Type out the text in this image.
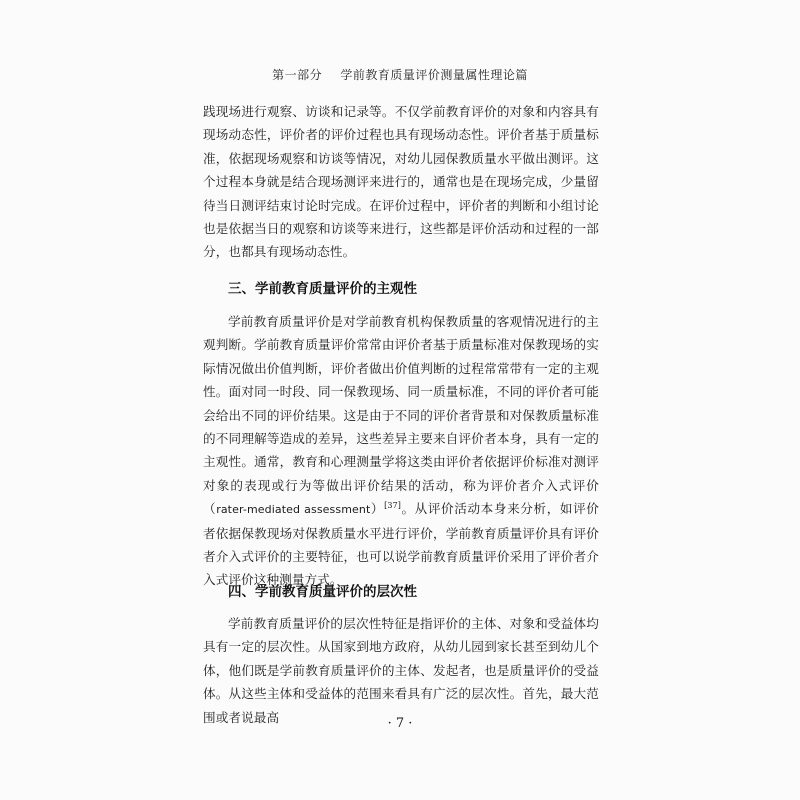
第一部分 学前教育质量评价测量属性理论篇

践现场进行观察、访谈和记录等。不仅学前教育评价的对象和内容具有现场动态性，评价者的评价过程也具有现场动态性。评价者基于质量标准，依据现场观察和访谈等情况，对幼儿园保教质量水平做出测评。这个过程本身就是结合现场测评来进行的，通常也是在现场完成，少量留待当日测评结束讨论时完成。在评价过程中，评价者的判断和小组讨论也是依据当日的观察和访谈等来进行，这些都是评价活动和过程的一部分，也都具有现场动态性。

三、学前教育质量评价的主观性

学前教育质量评价是对学前教育机构保教质量的客观情况进行的主观判断。学前教育质量评价常常由评价者基于质量标准对保教现场的实际情况做出价值判断，评价者做出价值判断的过程常常带有一定的主观性。面对同一时段、同一保教现场、同一质量标准，不同的评价者可能会给出不同的评价结果。这是由于不同的评价者背景和对保教质量标准的不同理解等造成的差异，这些差异主要来自评价者本身，具有一定的主观性。通常，教育和心理测量学将这类由评价者依据评价标准对测评对象的表现或行为等做出评价结果的活动，称为评价者介入式评价（rater-mediated assessment）[37]。从评价活动本身来分析，如评价者依据保教现场对保教质量水平进行评价，学前教育质量评价具有评价者介入式评价的主要特征，也可以说学前教育质量评价采用了评价者介入式评价这种测量方式。

四、学前教育质量评价的层次性

学前教育质量评价的层次性特征是指评价的主体、对象和受益体均具有一定的层次性。从国家到地方政府，从幼儿园到家长甚至到幼儿个体，他们既是学前教育质量评价的主体、发起者，也是质量评价的受益体。从这些主体和受益体的范围来看具有广泛的层次性。首先，最大范围或者说最高	· 7 ·
